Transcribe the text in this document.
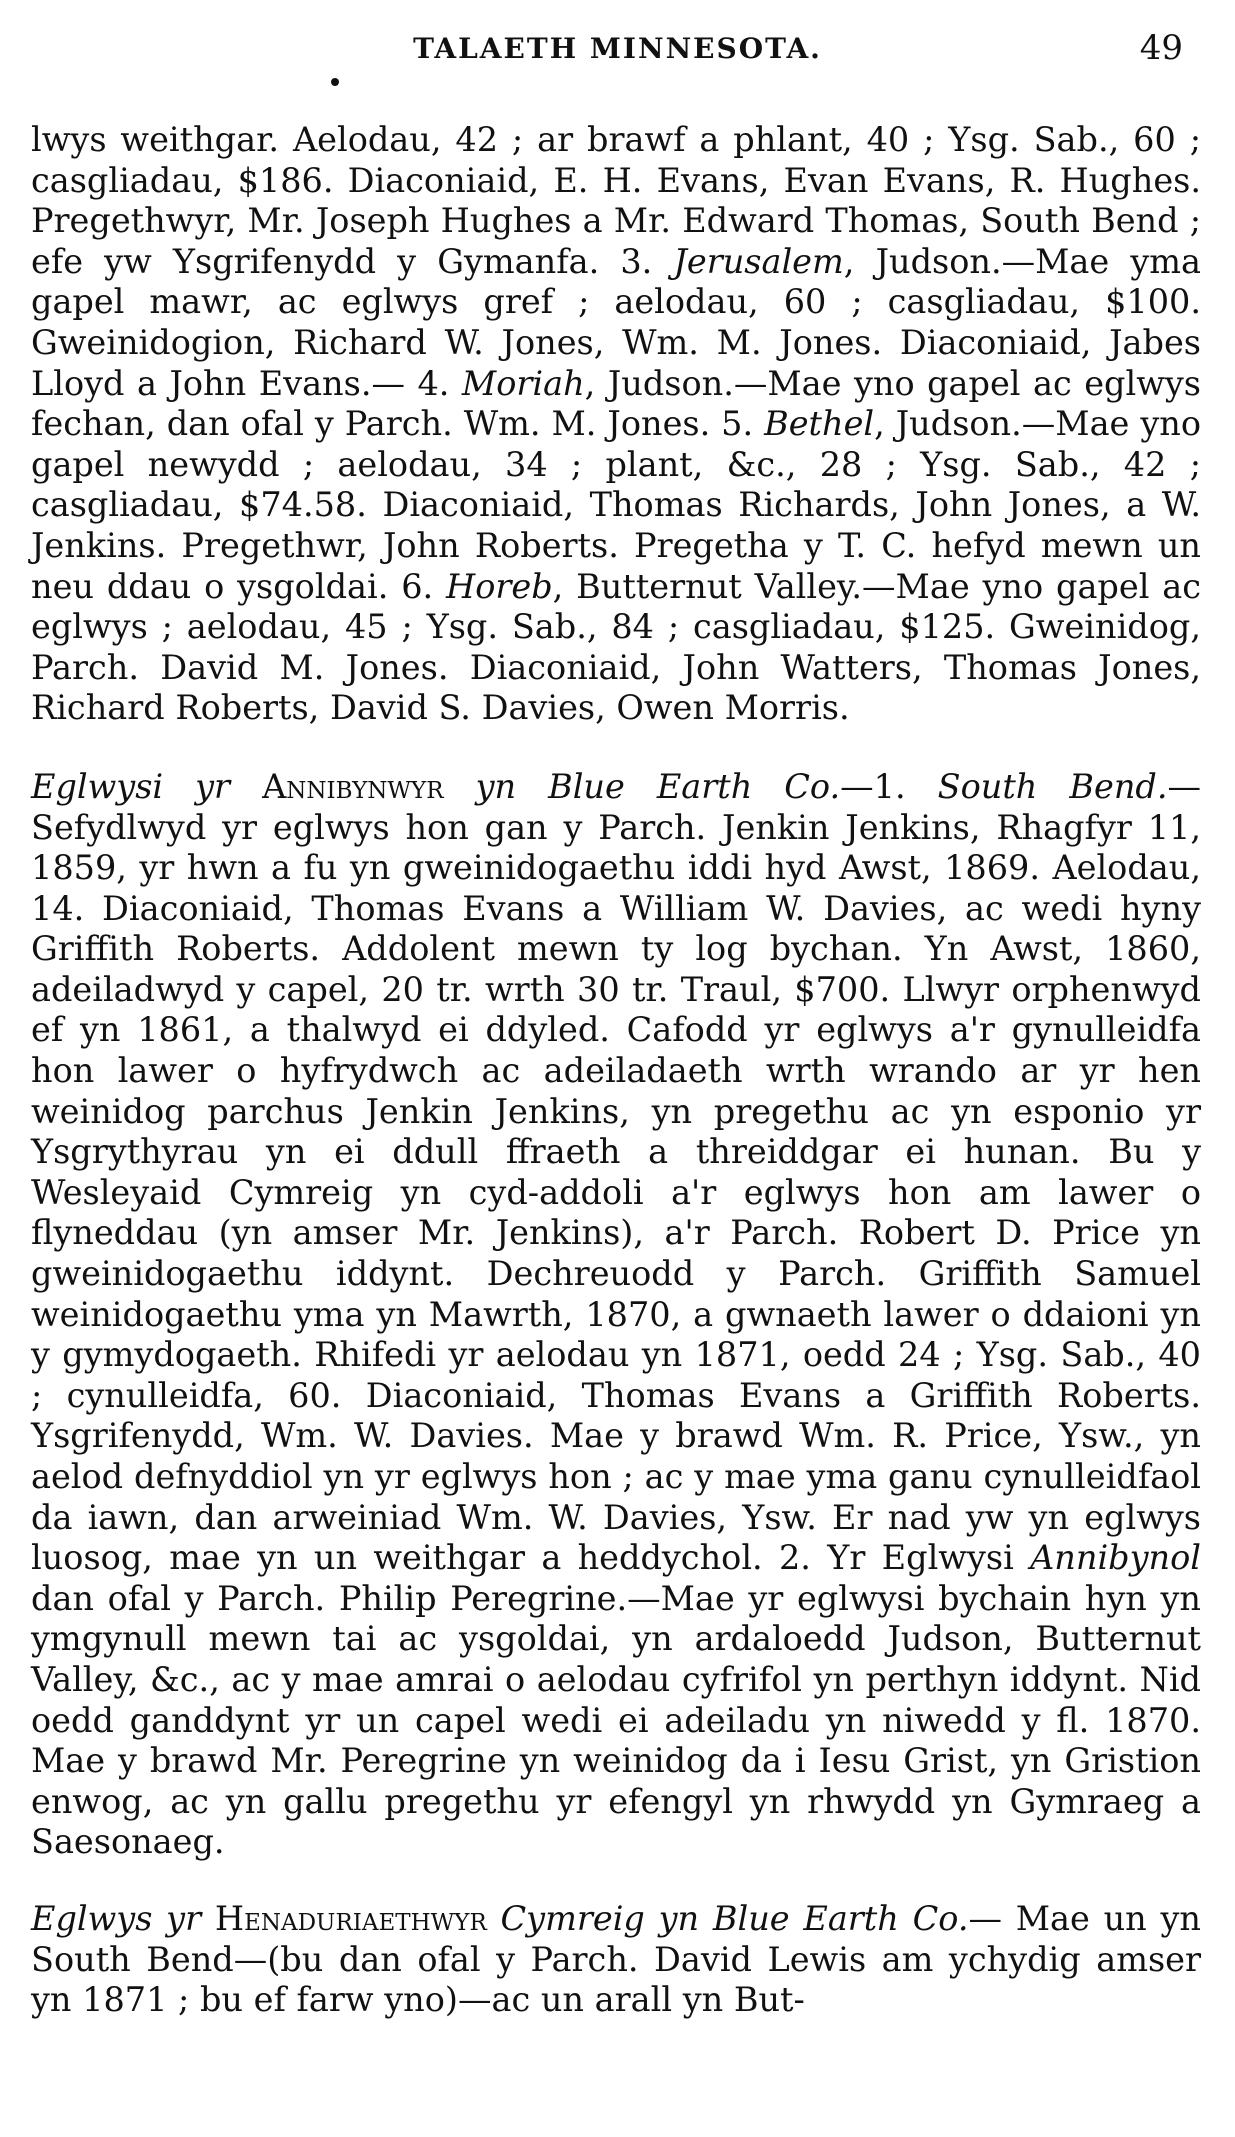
TALAETH MINNESOTA.	49

lwys weithgar. Aelodau, 42 ; ar brawf a phlant, 40 ; Ysg. Sab., 60 ; casgliadau, $186. Diaconiaid, E. H. Evans, Evan Evans, R. Hughes. Pregethwyr, Mr. Joseph Hughes a Mr. Edward Thomas, South Bend ; efe yw Ysgrifenydd y Gymanfa. 3. Jerusalem, Judson.—Mae yma gapel mawr, ac eglwys gref ; aelodau, 60 ; casgliadau, $100. Gweinidogion, Richard W. Jones, Wm. M. Jones. Diaconiaid, Jabes Lloyd a John Evans.— 4. Moriah, Judson.—Mae yno gapel ac eglwys fechan, dan ofal y Parch. Wm. M. Jones. 5. Bethel, Judson.—Mae yno gapel newydd ; aelodau, 34 ; plant, &c., 28 ; Ysg. Sab., 42 ; casgliadau, $74.58. Diaconiaid, Thomas Richards, John Jones, a W. Jenkins. Pregethwr, John Roberts. Pregetha y T. C. hefyd mewn un neu ddau o ysgoldai. 6. Horeb, Butternut Valley.—Mae yno gapel ac eglwys ; aelodau, 45 ; Ysg. Sab., 84 ; casgliadau, $125. Gweinidog, Parch. David M. Jones. Diaconiaid, John Watters, Thomas Jones, Richard Roberts, David S. Davies, Owen Morris.

Eglwysi yr Annibynwyr yn Blue Earth Co.—1. South Bend.— Sefydlwyd yr eglwys hon gan y Parch. Jenkin Jenkins, Rhagfyr 11, 1859, yr hwn a fu yn gweinidogaethu iddi hyd Awst, 1869. Aelodau, 14. Diaconiaid, Thomas Evans a William W. Davies, ac wedi hyny Griffith Roberts. Addolent mewn ty log bychan. Yn Awst, 1860, adeiladwyd y capel, 20 tr. wrth 30 tr. Traul, $700. Llwyr orphenwyd ef yn 1861, a thalwyd ei ddyled. Cafodd yr eglwys a'r gynulleidfa hon lawer o hyfrydwch ac adeiladaeth wrth wrando ar yr hen weinidog parchus Jenkin Jenkins, yn pregethu ac yn esponio yr Ysgrythyrau yn ei ddull ffraeth a threiddgar ei hunan. Bu y Wesleyaid Cymreig yn cyd-addoli a'r eglwys hon am lawer o flyneddau (yn amser Mr. Jenkins), a'r Parch. Robert D. Price yn gweinidogaethu iddynt. Dechreuodd y Parch. Griffith Samuel weinidogaethu yma yn Mawrth, 1870, a gwnaeth lawer o ddaioni yn y gymydogaeth. Rhifedi yr aelodau yn 1871, oedd 24 ; Ysg. Sab., 40 ; cynulleidfa, 60. Diaconiaid, Thomas Evans a Griffith Roberts. Ysgrifenydd, Wm. W. Davies. Mae y brawd Wm. R. Price, Ysw., yn aelod defnyddiol yn yr eglwys hon ; ac y mae yma ganu cynulleidfaol da iawn, dan arweiniad Wm. W. Davies, Ysw. Er nad yw yn eglwys luosog, mae yn un weithgar a heddychol. 2. Yr Eglwysi Annibynol dan ofal y Parch. Philip Peregrine.—Mae yr eglwysi bychain hyn yn ymgynull mewn tai ac ysgoldai, yn ardaloedd Judson, Butternut Valley, &c., ac y mae amrai o aelodau cyfrifol yn perthyn iddynt. Nid oedd ganddynt yr un capel wedi ei adeiladu yn niwedd y fl. 1870. Mae y brawd Mr. Peregrine yn weinidog da i Iesu Grist, yn Gristion enwog, ac yn gallu pregethu yr efengyl yn rhwydd yn Gymraeg a Saesonaeg.

Eglwys yr Henaduriaethwyr Cymreig yn Blue Earth Co.— Mae un yn South Bend—(bu dan ofal y Parch. David Lewis am ychydig amser yn 1871 ; bu ef farw yno)—ac un arall yn But-
